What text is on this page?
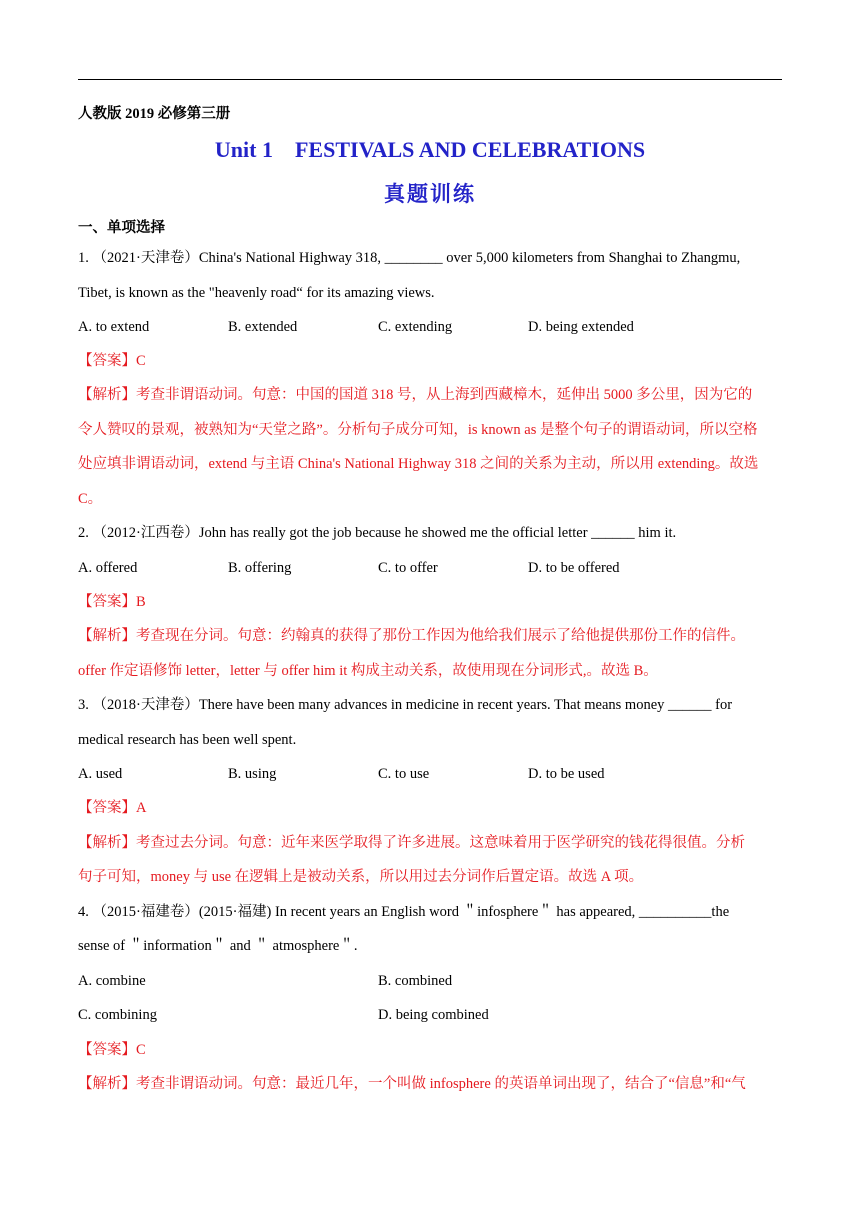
人教版 2019 必修第三册
Unit 1    FESTIVALS AND CELEBRATIONS
真题训练
一、单项选择
1. （2021·天津卷）China's National Highway 318, ________ over 5,000 kilometers from Shanghai to Zhangmu,
Tibet, is known as the "heavenly road“ for its amazing views.
A. to extend	B. extended	C. extending	D. being extended
【答案】C
【解析】考查非谓语动词。句意：中国的国道 318 号，从上海到西藏樟木，延伸出 5000 多公里，因为它的
令人赞叹的景观，被熟知为“天堂之路”。分析句子成分可知，is known as 是整个句子的谓语动词，所以空格
处应填非谓语动词，extend 与主语 China's National Highway 318 之间的关系为主动，所以用 extending。故选
C。
2. （2012·江西卷）John has really got the job because he showed me the official letter ______ him it.
A. offered	B. offering	C. to offer	D. to be offered
【答案】B
【解析】考查现在分词。句意：约翰真的获得了那份工作因为他给我们展示了给他提供那份工作的信件。
offer 作定语修饰 letter，letter 与 offer him it 构成主动关系，故使用现在分词形式,。故选 B。
3. （2018·天津卷）There have been many advances in medicine in recent years. That means money ______ for
medical research has been well spent.
A. used	B. using	C. to use	D. to be used
【答案】A
【解析】考查过去分词。句意：近年来医学取得了许多进展。这意味着用于医学研究的钱花得很值。分析
句子可知，money 与 use 在逻辑上是被动关系，所以用过去分词作后置定语。故选 A 项。
4. （2015·福建卷）(2015·福建) In recent years an English word ＂infosphere＂ has appeared, __________the
sense of ＂information＂ and ＂ atmosphere＂.
A. combine	B. combined
C. combining	D. being combined
【答案】C
【解析】考查非谓语动词。句意：最近几年，一个叫做 infosphere 的英语单词出现了，结合了“信息”和“气
